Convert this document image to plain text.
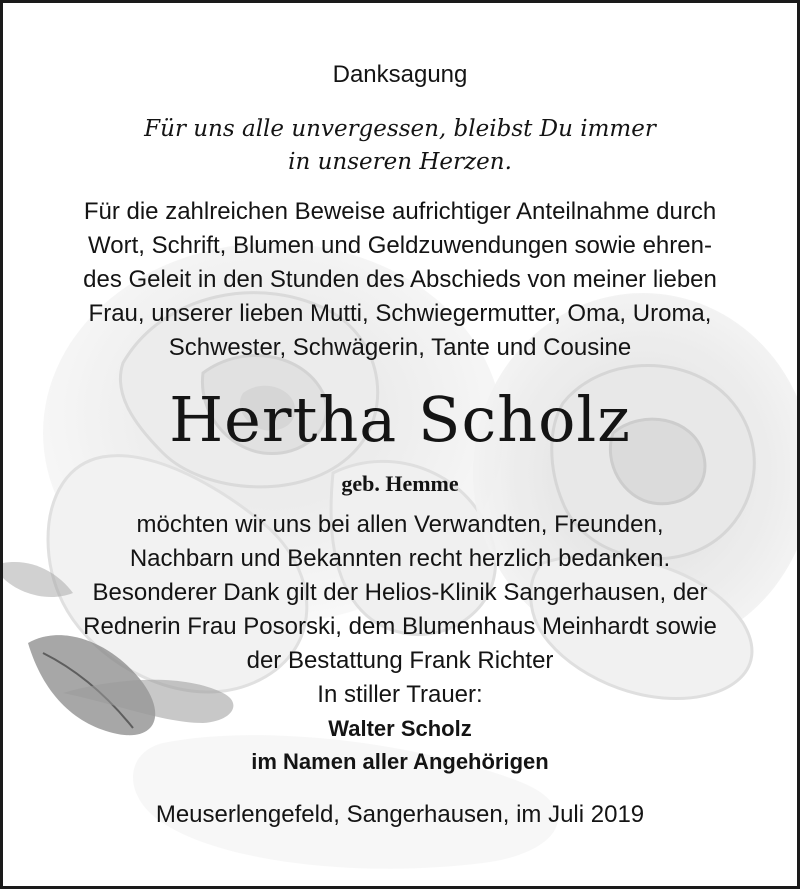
Danksagung
Für uns alle unvergessen, bleibst Du immer
in unseren Herzen.
Für die zahlreichen Beweise aufrichtiger Anteilnahme durch
Wort, Schrift, Blumen und Geldzuwendungen sowie ehren-
des Geleit in den Stunden des Abschieds von meiner lieben
Frau, unserer lieben Mutti, Schwiegermutter, Oma, Uroma,
Schwester, Schwägerin, Tante und Cousine
Hertha Scholz
geb. Hemme
möchten wir uns bei allen Verwandten, Freunden,
Nachbarn und Bekannten recht herzlich bedanken.
Besonderer Dank gilt der Helios-Klinik Sangerhausen, der
Rednerin Frau Posorski, dem Blumenhaus Meinhardt sowie
der Bestattung Frank Richter
In stiller Trauer:
Walter Scholz
im Namen aller Angehörigen
Meuserlengefeld, Sangerhausen, im Juli 2019
